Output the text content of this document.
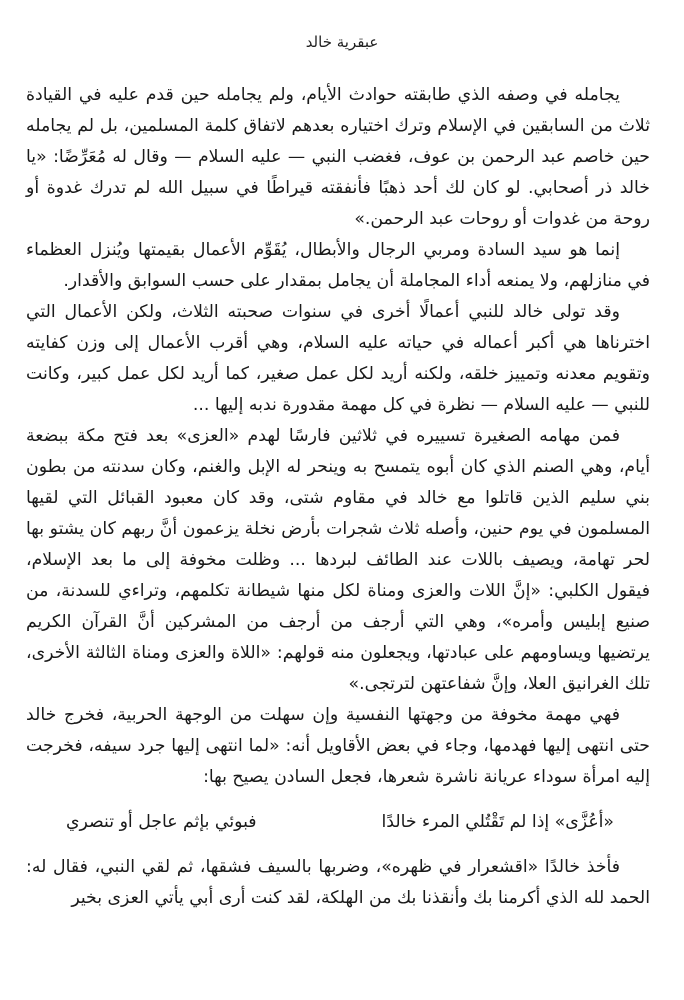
عبقرية خالد

يجامله في وصفه الذي طابقته حوادث الأيام، ولم يجامله حين قدم عليه في القيادة ثلاث من السابقين في الإسلام وترك اختياره بعدهم لاتفاق كلمة المسلمين، بل لم يجامله حين خاصم عبد الرحمن بن عوف، فغضب النبي — عليه السلام — وقال له مُعَرِّضًا: «يا خالد ذر أصحابي. لو كان لك أحد ذهبًا فأنفقته قيراطًا في سبيل الله لم تدرك غدوة أو روحة من غدوات أو روحات عبد الرحمن.»

إنما هو سيد السادة ومربي الرجال والأبطال، يُقَوِّم الأعمال بقيمتها ويُنزل العظماء في منازلهم، ولا يمنعه أداء المجاملة أن يجامل بمقدار على حسب السوابق والأقدار.

وقد تولى خالد للنبي أعمالًا أخرى في سنوات صحبته الثلاث، ولكن الأعمال التي اخترناها هي أكبر أعماله في حياته عليه السلام، وهي أقرب الأعمال إلى وزن كفايته وتقويم معدنه وتمييز خلقه، ولكنه أريد لكل عمل صغير، كما أريد لكل عمل كبير، وكانت للنبي — عليه السلام — نظرة في كل مهمة مقدورة ندبه إليها ...

فمن مهامه الصغيرة تسييره في ثلاثين فارسًا لهدم «العزى» بعد فتح مكة ببضعة أيام، وهي الصنم الذي كان أبوه يتمسح به وينحر له الإبل والغنم، وكان سدنته من بطون بني سليم الذين قاتلوا مع خالد في مقاوم شتى، وقد كان معبود القبائل التي لقيها المسلمون في يوم حنين، وأصله ثلاث شجرات بأرض نخلة يزعمون أنَّ ربهم كان يشتو بها لحر تهامة، ويصيف باللات عند الطائف لبردها ... وظلت مخوفة إلى ما بعد الإسلام، فيقول الكلبي: «إنَّ اللات والعزى ومناة لكل منها شيطانة تكلمهم، وتراءي للسدنة، من صنيع إبليس وأمره»، وهي التي أرجف من أرجف من المشركين أنَّ القرآن الكريم يرتضيها ويساومهم على عبادتها، ويجعلون منه قولهم: «اللاة والعزى ومناة الثالثة الأخرى، تلك الغرانيق العلا، وإنَّ شفاعتهن لترتجى.»

فهي مهمة مخوفة من وجهتها النفسية وإن سهلت من الوجهة الحربية، فخرج خالد حتى انتهى إليها فهدمها، وجاء في بعض الأقاويل أنه: «لما انتهى إليها جرد سيفه، فخرجت إليه امرأة سوداء عريانة ناشرة شعرها، فجعل السادن يصيح بها:

«أعُزَّى» إذا لم تَقْتُلي المرء خالدًا
فبوئي بإثم عاجل أو تنصري

فأخذ خالدًا «اقشعرار في ظهره»، وضربها بالسيف فشقها، ثم لقي النبي، فقال له: الحمد لله الذي أكرمنا بك وأنقذنا بك من الهلكة، لقد كنت أرى أبي يأتي العزى بخير
